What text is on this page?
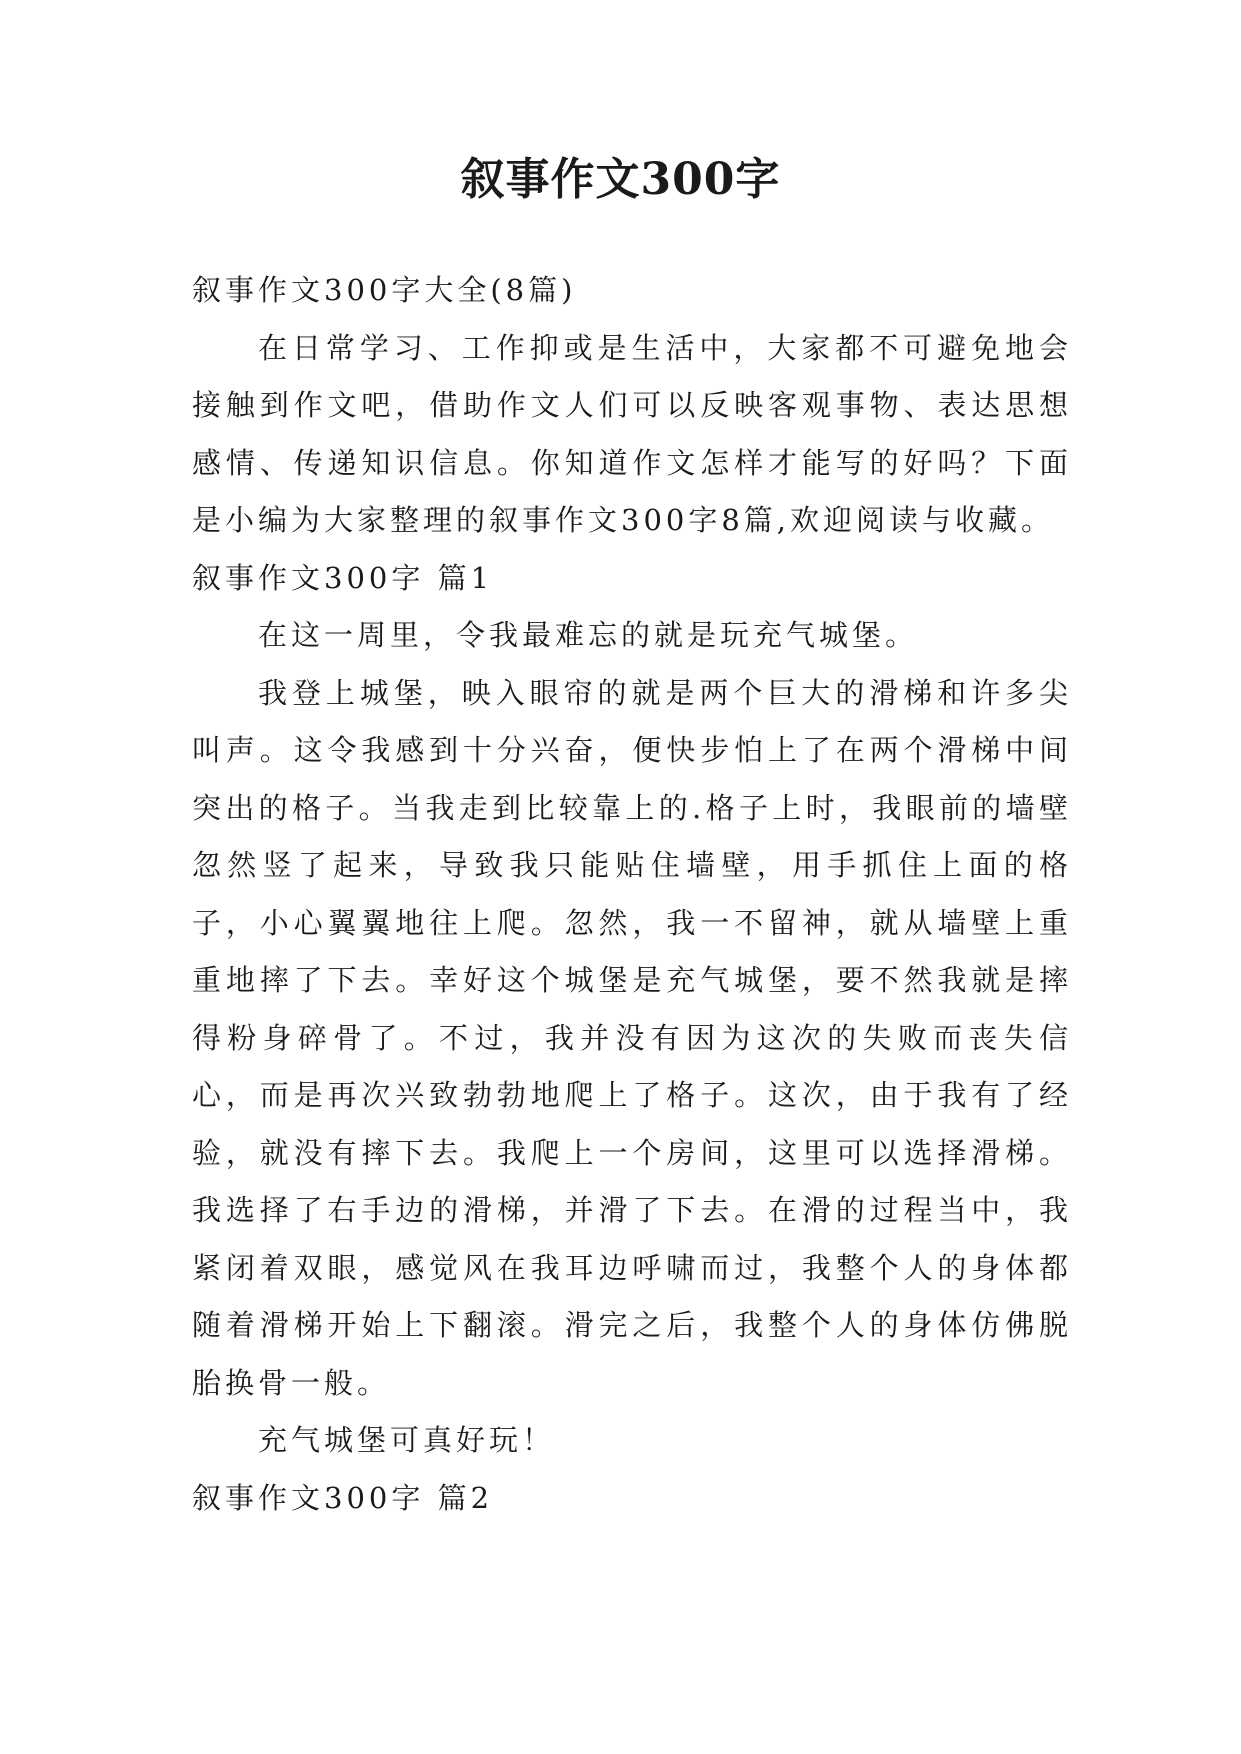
叙事作文300字

叙事作文300字大全(8篇)

在日常学习、工作抑或是生活中，大家都不可避免地会接触到作文吧，借助作文人们可以反映客观事物、表达思想感情、传递知识信息。你知道作文怎样才能写的好吗？下面是小编为大家整理的叙事作文300字8篇,欢迎阅读与收藏。

叙事作文300字 篇1

在这一周里，令我最难忘的就是玩充气城堡。

我登上城堡，映入眼帘的就是两个巨大的滑梯和许多尖叫声。这令我感到十分兴奋，便快步怕上了在两个滑梯中间突出的格子。当我走到比较靠上的.格子上时，我眼前的墙壁忽然竖了起来，导致我只能贴住墙壁，用手抓住上面的格子，小心翼翼地往上爬。忽然，我一不留神，就从墙壁上重重地摔了下去。幸好这个城堡是充气城堡，要不然我就是摔得粉身碎骨了。不过，我并没有因为这次的失败而丧失信心，而是再次兴致勃勃地爬上了格子。这次，由于我有了经验，就没有摔下去。我爬上一个房间，这里可以选择滑梯。我选择了右手边的滑梯，并滑了下去。在滑的过程当中，我紧闭着双眼，感觉风在我耳边呼啸而过，我整个人的身体都随着滑梯开始上下翻滚。滑完之后，我整个人的身体仿佛脱胎换骨一般。

充气城堡可真好玩！

叙事作文300字 篇2
